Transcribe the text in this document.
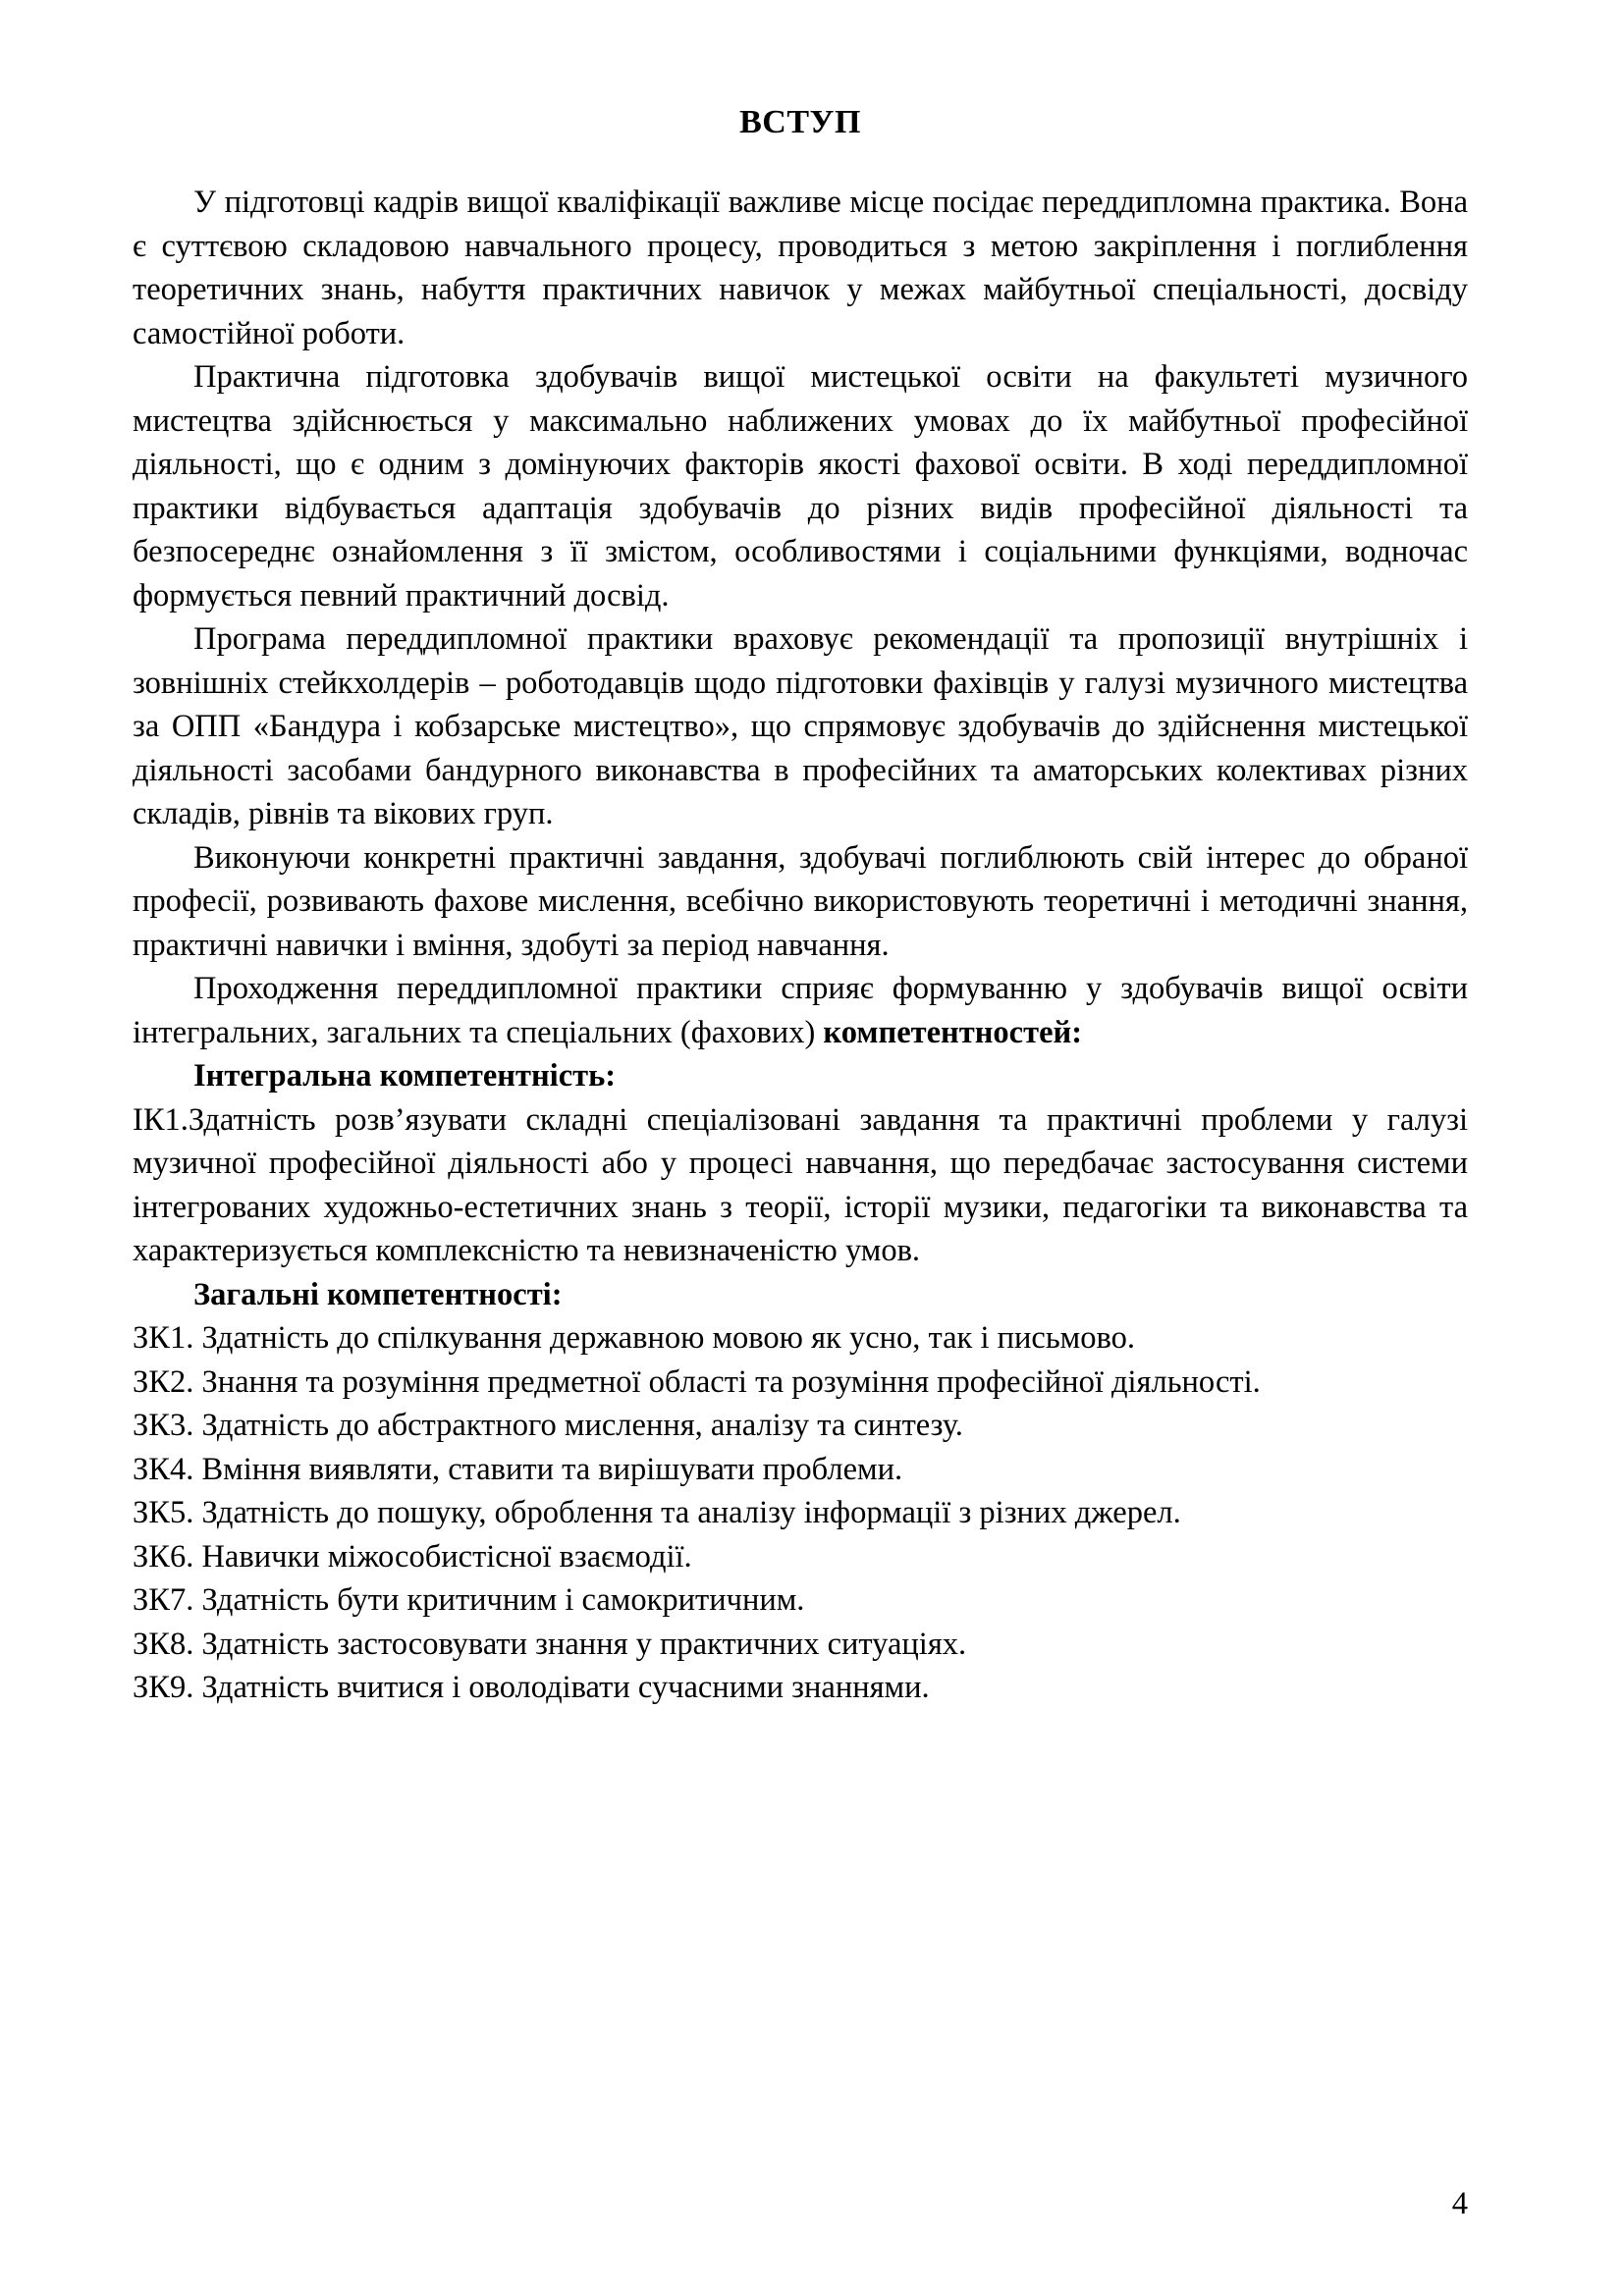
ВСТУП

У підготовці кадрів вищої кваліфікації важливе місце посідає переддипломна практика. Вона є суттєвою складовою навчального процесу, проводиться з метою закріплення і поглиблення теоретичних знань, набуття практичних навичок у межах майбутньої спеціальності, досвіду самостійної роботи.

Практична підготовка здобувачів вищої мистецької освіти на факультеті музичного мистецтва здійснюється у максимально наближених умовах до їх майбутньої професійної діяльності, що є одним з домінуючих факторів якості фахової освіти. В ході переддипломної практики відбувається адаптація здобувачів до різних видів професійної діяльності та безпосереднє ознайомлення з її змістом, особливостями і соціальними функціями, водночас формується певний практичний досвід.

Програма переддипломної практики враховує рекомендації та пропозиції внутрішніх і зовнішніх стейкхолдерів – роботодавців щодо підготовки фахівців у галузі музичного мистецтва за ОПП «Бандура і кобзарське мистецтво», що спрямовує здобувачів до здійснення мистецької діяльності засобами бандурного виконавства в професійних та аматорських колективах різних складів, рівнів та вікових груп.

Виконуючи конкретні практичні завдання, здобувачі поглиблюють свій інтерес до обраної професії, розвивають фахове мислення, всебічно використовують теоретичні і методичні знання, практичні навички і вміння, здобуті за період навчання.

Проходження переддипломної практики сприяє формуванню у здобувачів вищої освіти інтегральних, загальних та спеціальних (фахових) компетентностей:

Інтегральна компетентність:

ІК1.Здатність розв’язувати складні спеціалізовані завдання та практичні проблеми у галузі музичної професійної діяльності або у процесі навчання, що передбачає застосування системи інтегрованих художньо-естетичних знань з теорії, історії музики, педагогіки та виконавства та характеризується комплексністю та невизначеністю умов.

Загальні компетентності:

ЗК1. Здатність до спілкування державною мовою як усно, так і письмово.

ЗК2. Знання та розуміння предметної області та розуміння професійної діяльності.

ЗК3. Здатність до абстрактного мислення, аналізу та синтезу.

ЗК4. Вміння виявляти, ставити та вирішувати проблеми.

ЗК5. Здатність до пошуку, оброблення та аналізу інформації з різних джерел.

ЗК6. Навички міжособистісної взаємодії.

ЗК7. Здатність бути критичним і самокритичним.

ЗК8. Здатність застосовувати знання у практичних ситуаціях.

ЗК9. Здатність вчитися і оволодівати сучасними знаннями.

4
